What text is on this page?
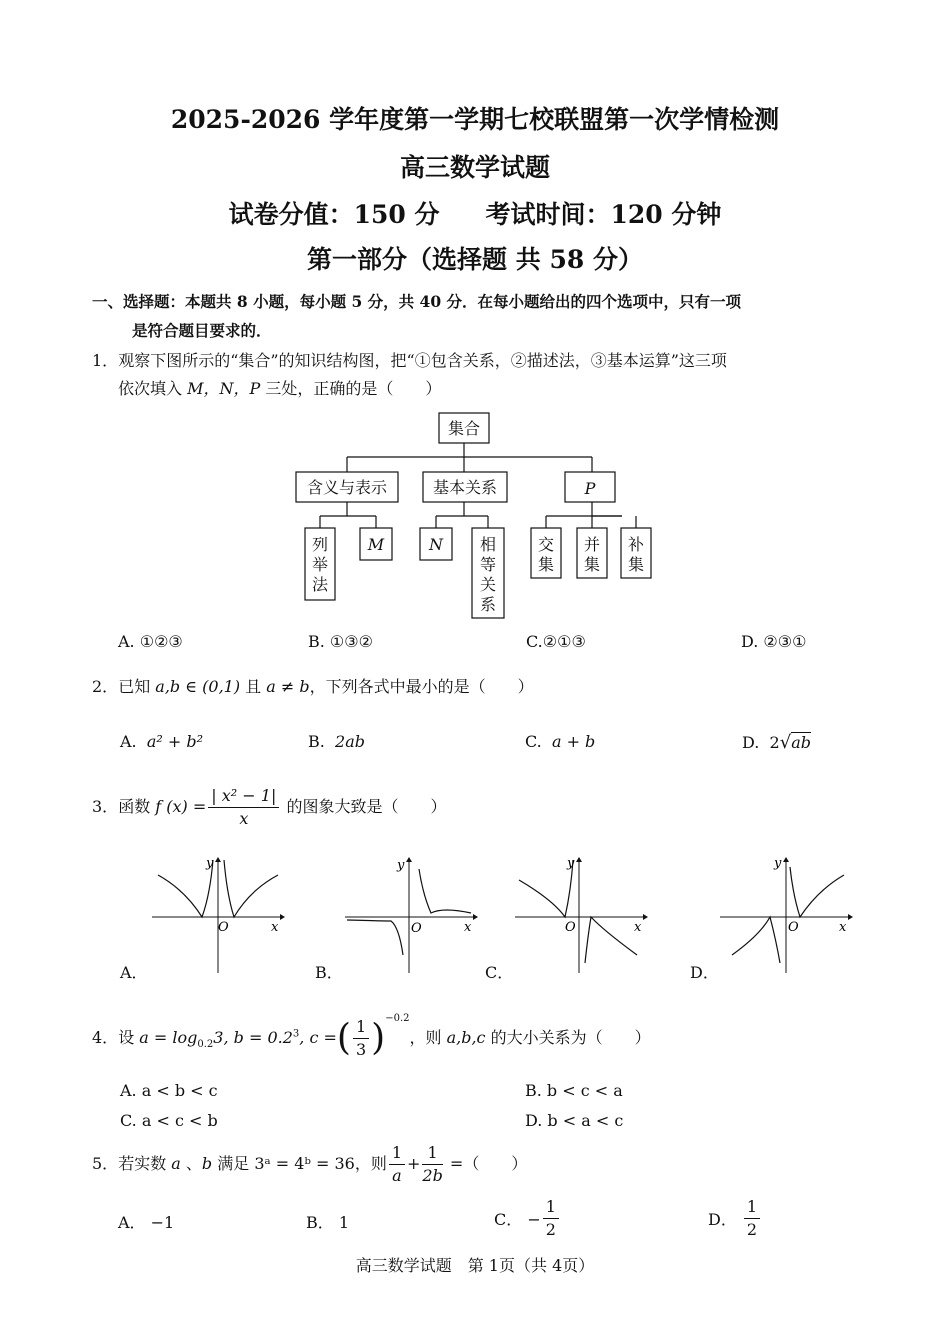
2025-2026 学年度第一学期七校联盟第一次学情检测
高三数学试题
试卷分值：150 分 考试时间：120 分钟
第一部分（选择题 共 58 分）
一、选择题：本题共 8 小题，每小题 5 分，共 40 分．在每小题给出的四个选项中，只有一项
是符合题目要求的．
1．观察下图所示的“集合”的知识结构图，把“①包含关系，②描述法，③基本运算”这三项
依次填入 M，N，P 三处，正确的是（　　）
集合
含义与表示	基本关系	P
列
举
法
M	N 相
等
关
系
交
集
并
集
补
集
A. ①②③	B. ①③②	C.②①③	D. ②③①
2．已知 a,b ∈ (0,1) 且 a ≠ b，下列各式中最小的是（　　）
A. a² + b²	B. 2ab	C. a + b	D. 2√ab
3．函数 f $(x) = \frac{\text{| x² − 1|}}{x}$ 的图象大致是（　　）
y
x
O
y
x
O
y
x
O
y
x
O
A．	B．	C．	D．
4．设 $a = \log_{0.2}3$, $b = 0.2^3$, c =( $\frac{1}{3} )^{-0.2}$，则 a,b,c 的大小关系为（　　）
A. a < b < c	B. b < c < a
C. a < c < b	D. b < a < c
5．若实数 a 、b 满足 3ᵃ = 4ᵇ = 36，则 $\frac{1}{a} + \frac{1}{2b}$ =（　　）
A． −1	B． 1	C． − $\frac{1}{2}$	D． $\frac{1}{2}$
高三数学试题　第 1页（共 4页）
